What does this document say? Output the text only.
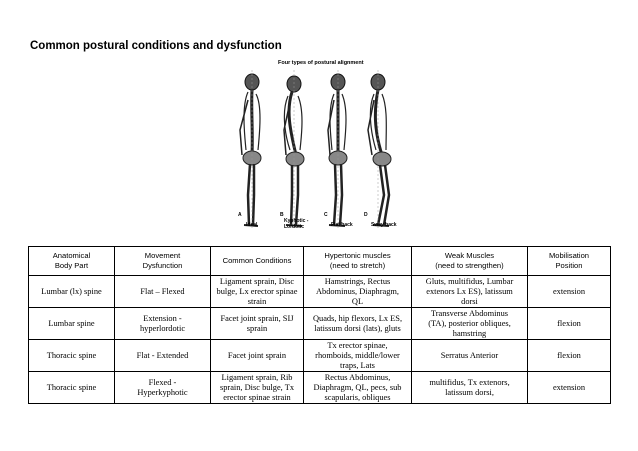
Common postural conditions and dysfunction
Four types of postural alignment
A	B	C	D
Ideal
Kyphotic - Lordotic	Flat back	Sway back
Anatomical
Body Part	Movement
Dysfunction	Common Conditions	Hypertonic muscles
(need to stretch)	Weak Muscles
(need to strengthen)	Mobilisation
Position
Lumbar (lx) spine	Flat – Flexed	Ligament sprain, Disc
bulge, Lx erector spinae
strain	Hamstrings, Rectus
Abdominus, Diaphragm,
QL	Gluts, multifidus, Lumbar
extenors Lx ES), latissum
dorsi	extension
Lumbar spine	Extension -
hyperlordotic	Facet joint sprain, SIJ
sprain	Quads, hip flexors, Lx ES,
latissum dorsi (lats), gluts	Transverse Abdominus
(TA), posterior obliques,
hamstring	flexion
Thoracic spine	Flat - Extended	Facet joint sprain	Tx erector spinae,
rhomboids, middle/lower
traps, Lats	Serratus Anterior	flexion
Thoracic spine	Flexed -
Hyperkyphotic	Ligament sprain, Rib
sprain, Disc bulge, Tx
erector spinae strain	Rectus Abdominus,
Diaphragm, QL, pecs, sub
scapularis, obliques	multifidus, Tx extenors,
latissum dorsi,	extension
